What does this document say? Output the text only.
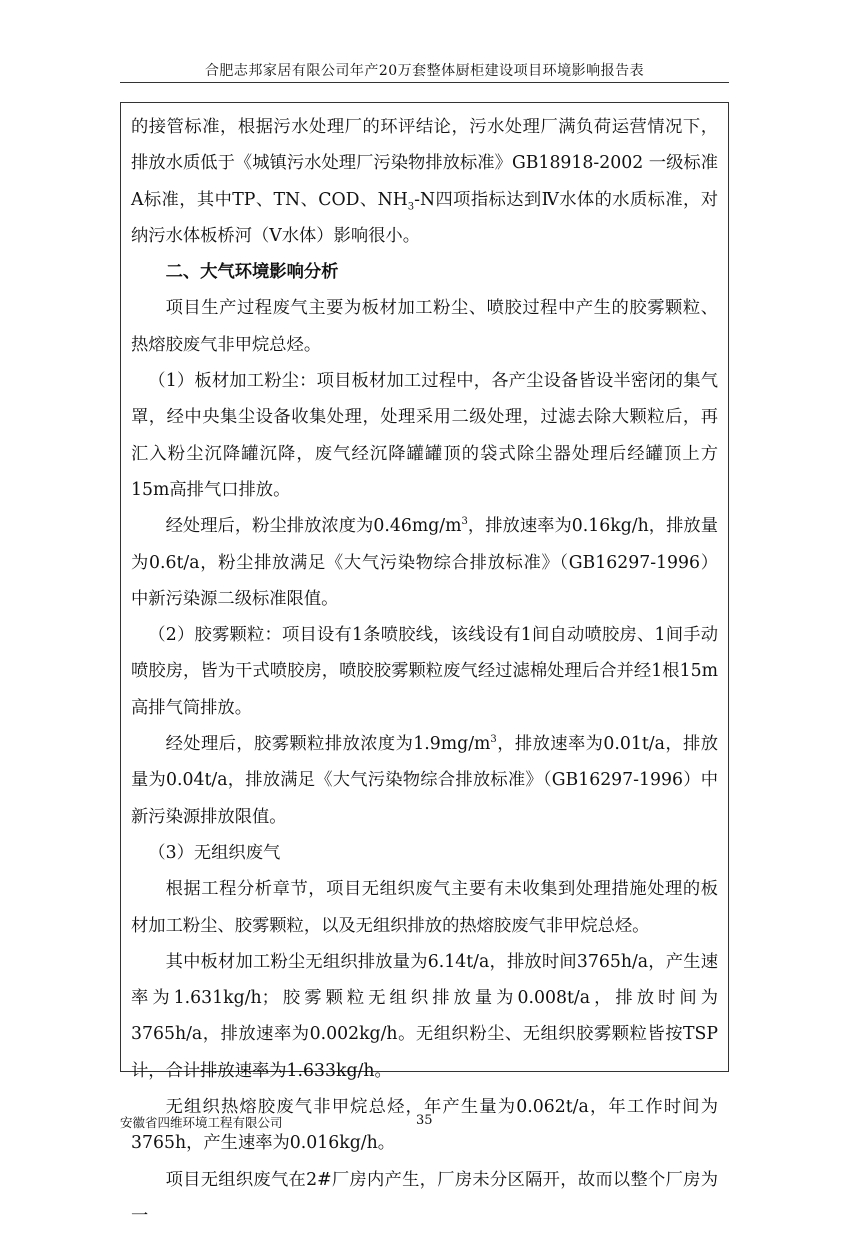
合肥志邦家居有限公司年产20万套整体厨柜建设项目环境影响报告表

的接管标准，根据污水处理厂的环评结论，污水处理厂满负荷运营情况下，排放水质低于《城镇污水处理厂污染物排放标准》GB18918-2002 一级标准A标准，其中TP、TN、COD、$NH_3-N$四项指标达到Ⅳ水体的水质标准，对纳污水体板桥河（Ⅴ水体）影响很小。

二、大气环境影响分析

项目生产过程废气主要为板材加工粉尘、喷胶过程中产生的胶雾颗粒、热熔胶废气非甲烷总烃。

（1）板材加工粉尘：项目板材加工过程中，各产尘设备皆设半密闭的集气罩，经中央集尘设备收集处理，处理采用二级处理，过滤去除大颗粒后，再汇入粉尘沉降罐沉降，废气经沉降罐罐顶的袋式除尘器处理后经罐顶上方15m高排气口排放。

经处理后，粉尘排放浓度为$0.46mg/m^3$，排放速率为0.16kg/h，排放量为0.6t/a，粉尘排放满足《大气污染物综合排放标准》（GB16297-1996）中新污染源二级标准限值。

（2）胶雾颗粒：项目设有1条喷胶线，该线设有1间自动喷胶房、1间手动喷胶房，皆为干式喷胶房，喷胶胶雾颗粒废气经过滤棉处理后合并经1根15m高排气筒排放。

经处理后，胶雾颗粒排放浓度为$1.9mg/m^3$，排放速率为0.01t/a，排放量为0.04t/a，排放满足《大气污染物综合排放标准》（GB16297-1996）中新污染源排放限值。

（3）无组织废气

根据工程分析章节，项目无组织废气主要有未收集到处理措施处理的板材加工粉尘、胶雾颗粒，以及无组织排放的热熔胶废气非甲烷总烃。

其中板材加工粉尘无组织排放量为6.14t/a，排放时间3765h/a，产生速率为1.631kg/h；胶雾颗粒无组织排放量为0.008t/a，排放时间为3765h/a，排放速率为0.002kg/h。无组织粉尘、无组织胶雾颗粒皆按TSP计，合计排放速率为1.633kg/h。

无组织热熔胶废气非甲烷总烃，年产生量为0.062t/a，年工作时间为3765h，产生速率为0.016kg/h。

项目无组织废气在2#厂房内产生，厂房未分区隔开，故而以整个厂房为一

安徽省四维环境工程有限公司	35
